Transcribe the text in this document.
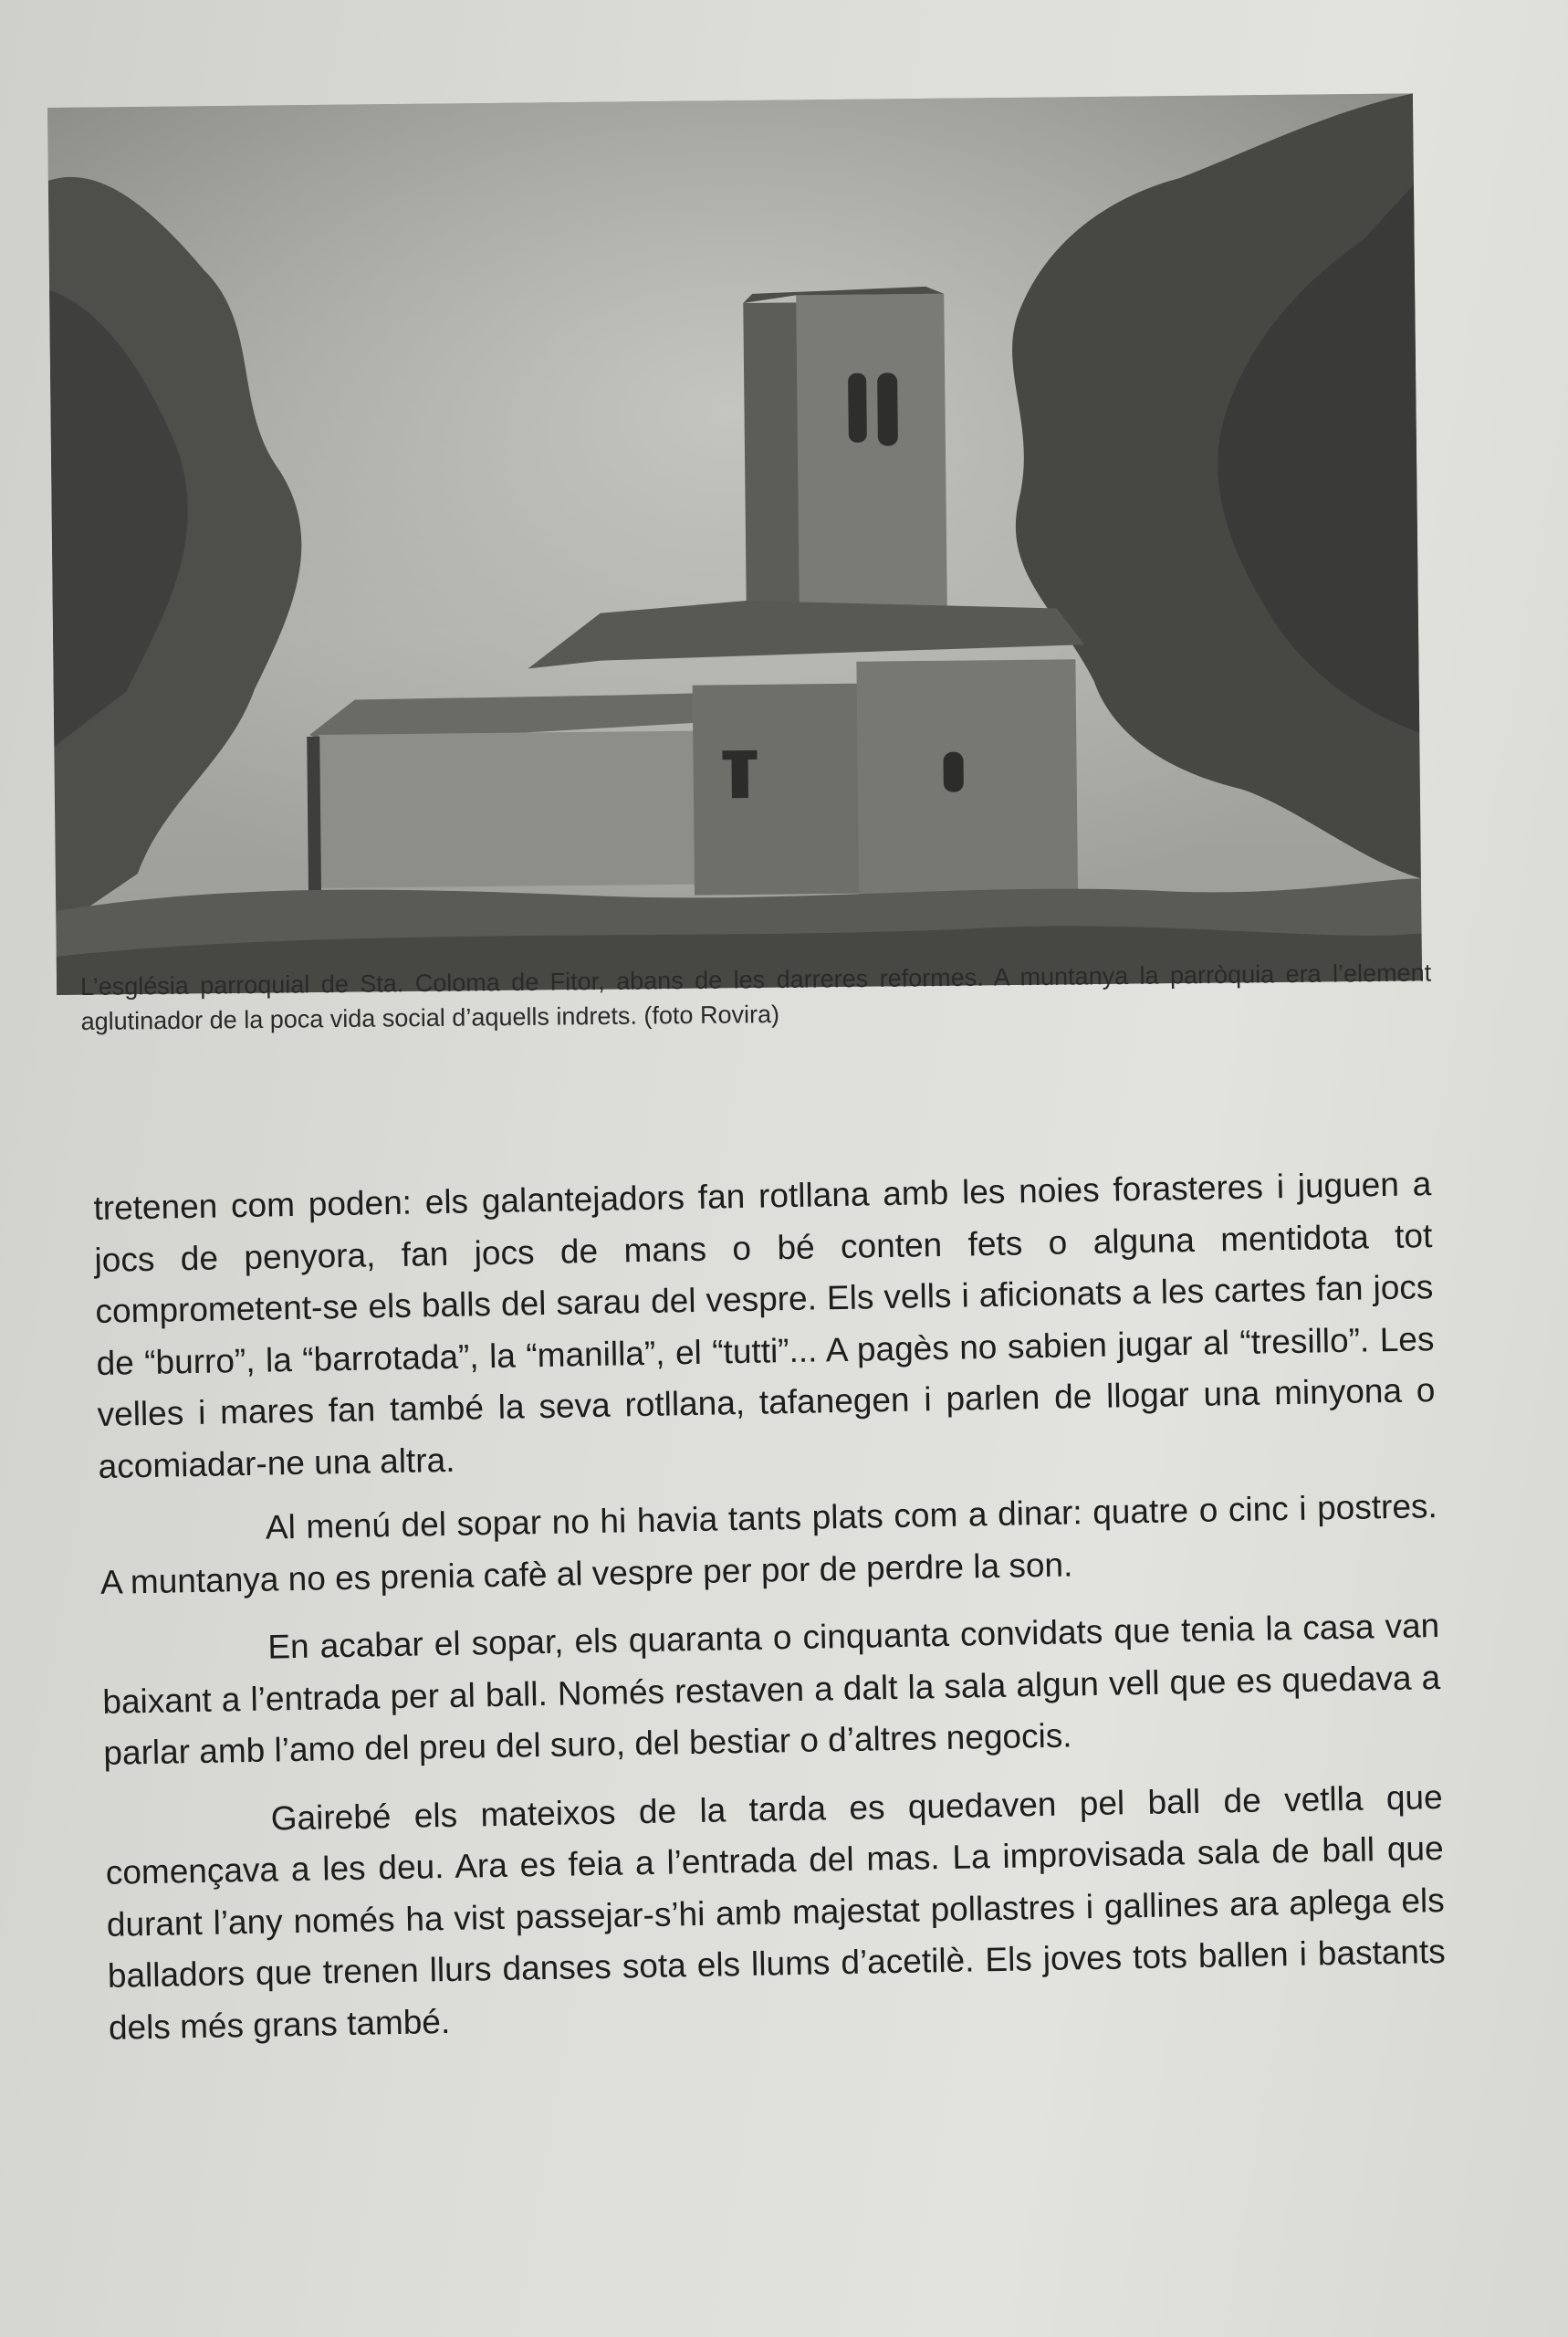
L’església parroquial de Sta. Coloma de Fitor, abans de les darreres reformes. A muntanya la parròquia era l’element aglutinador de la poca vida social d’aquells indrets. (foto Rovira)

tretenen com poden: els galantejadors fan rotllana amb les noies forasteres i juguen a jocs de penyora, fan jocs de mans o bé conten fets o alguna mentidota tot comprometent-se els balls del sarau del vespre. Els vells i aficionats a les cartes fan jocs de “burro”, la “barrotada”, la “manilla”, el “tutti”... A pagès no sabien jugar al “tresillo”. Les velles i mares fan també la seva rotllana, tafanegen i parlen de llogar una minyona o acomiadar-ne una altra.

Al menú del sopar no hi havia tants plats com a dinar: quatre o cinc i postres. A muntanya no es prenia cafè al vespre per por de perdre la son.

En acabar el sopar, els quaranta o cinquanta convidats que tenia la casa van baixant a l’entrada per al ball. Només restaven a dalt la sala algun vell que es quedava a parlar amb l’amo del preu del suro, del bestiar o d’altres negocis.

Gairebé els mateixos de la tarda es quedaven pel ball de vetlla que començava a les deu. Ara es feia a l’entrada del mas. La improvisada sala de ball que durant l’any només ha vist passejar-s’hi amb majestat pollastres i gallines ara aplega els balladors que trenen llurs danses sota els llums d’acetilè. Els joves tots ballen i bastants dels més grans també.
